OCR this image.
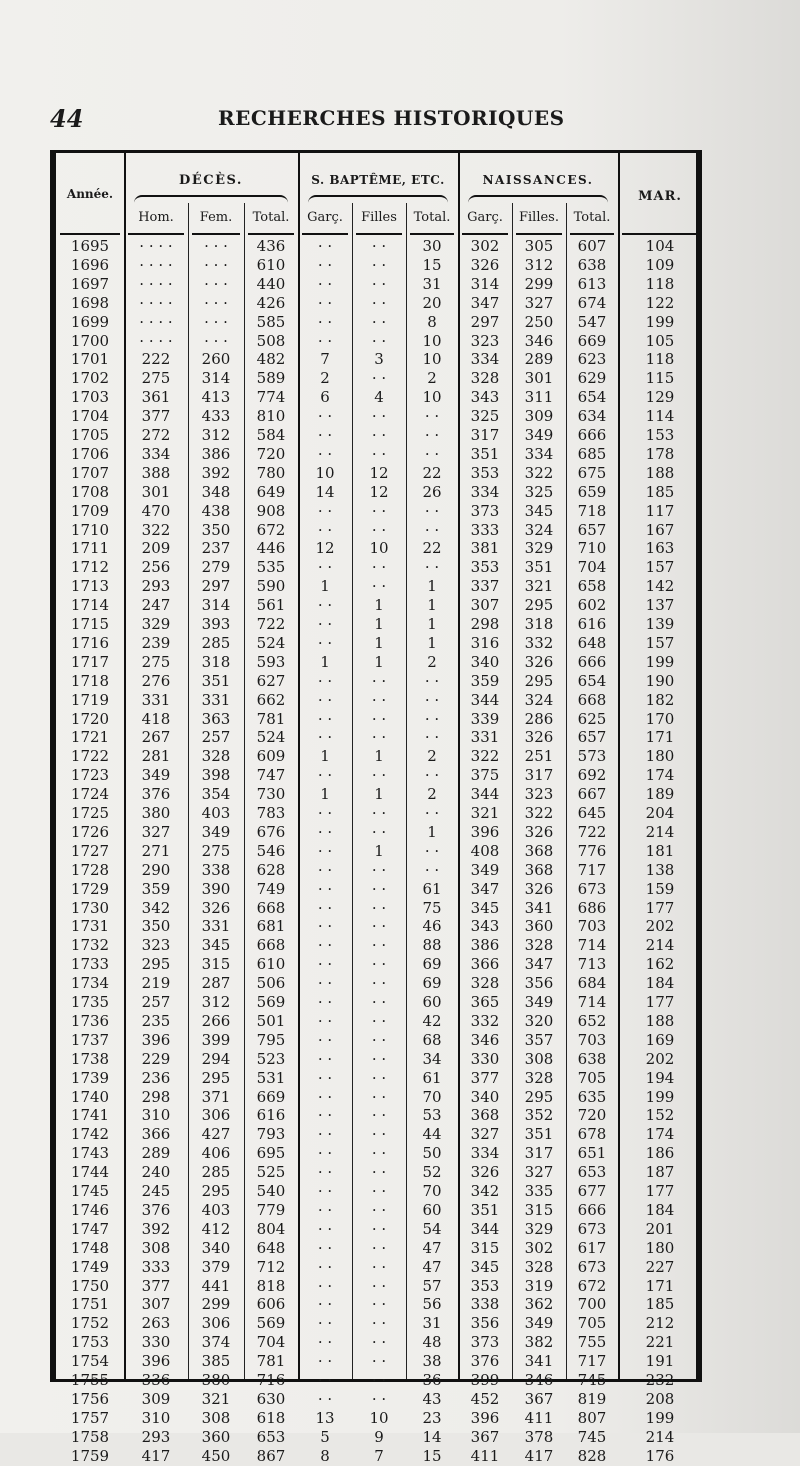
44	RECHERCHES HISTORIQUES
Année.
DÉCÈS.	S. BAPTÊME, ETC.	NAISSANCES.
MAR.
Hom.	Fem.	Total.	Garç.	Filles	Total.	Garç.	Filles.	Total.
1695	· · · ·	· · ·	436	· ·	· ·	30	302	305	607	104
1696	· · · ·	· · ·	610	· ·	· ·	15	326	312	638	109
1697	· · · ·	· · ·	440	· ·	· ·	31	314	299	613	118
1698	· · · ·	· · ·	426	· ·	· ·	20	347	327	674	122
1699	· · · ·	· · ·	585	· ·	· ·	8	297	250	547	199
1700	· · · ·	· · ·	508	· ·	· ·	10	323	346	669	105
1701	222	260	482	7	3	10	334	289	623	118
1702	275	314	589	2	· ·	2	328	301	629	115
1703	361	413	774	6	4	10	343	311	654	129
1704	377	433	810	· ·	· ·	· ·	325	309	634	114
1705	272	312	584	· ·	· ·	· ·	317	349	666	153
1706	334	386	720	· ·	· ·	· ·	351	334	685	178
1707	388	392	780	10	12	22	353	322	675	188
1708	301	348	649	14	12	26	334	325	659	185
1709	470	438	908	· ·	· ·	· ·	373	345	718	117
1710	322	350	672	· ·	· ·	· ·	333	324	657	167
1711	209	237	446	12	10	22	381	329	710	163
1712	256	279	535	· ·	· ·	· ·	353	351	704	157
1713	293	297	590	1	· ·	1	337	321	658	142
1714	247	314	561	· ·	1	1	307	295	602	137
1715	329	393	722	· ·	1	1	298	318	616	139
1716	239	285	524	· ·	1	1	316	332	648	157
1717	275	318	593	1	1	2	340	326	666	199
1718	276	351	627	· ·	· ·	· ·	359	295	654	190
1719	331	331	662	· ·	· ·	· ·	344	324	668	182
1720	418	363	781	· ·	· ·	· ·	339	286	625	170
1721	267	257	524	· ·	· ·	· ·	331	326	657	171
1722	281	328	609	1	1	2	322	251	573	180
1723	349	398	747	· ·	· ·	· ·	375	317	692	174
1724	376	354	730	1	1	2	344	323	667	189
1725	380	403	783	· ·	· ·	· ·	321	322	645	204
1726	327	349	676	· ·	· ·	1	396	326	722	214
1727	271	275	546	· ·	1	· ·	408	368	776	181
1728	290	338	628	· ·	· ·	· ·	349	368	717	138
1729	359	390	749	· ·	· ·	61	347	326	673	159
1730	342	326	668	· ·	· ·	75	345	341	686	177
1731	350	331	681	· ·	· ·	46	343	360	703	202
1732	323	345	668	· ·	· ·	88	386	328	714	214
1733	295	315	610	· ·	· ·	69	366	347	713	162
1734	219	287	506	· ·	· ·	69	328	356	684	184
1735	257	312	569	· ·	· ·	60	365	349	714	177
1736	235	266	501	· ·	· ·	42	332	320	652	188
1737	396	399	795	· ·	· ·	68	346	357	703	169
1738	229	294	523	· ·	· ·	34	330	308	638	202
1739	236	295	531	· ·	· ·	61	377	328	705	194
1740	298	371	669	· ·	· ·	70	340	295	635	199
1741	310	306	616	· ·	· ·	53	368	352	720	152
1742	366	427	793	· ·	· ·	44	327	351	678	174
1743	289	406	695	· ·	· ·	50	334	317	651	186
1744	240	285	525	· ·	· ·	52	326	327	653	187
1745	245	295	540	· ·	· ·	70	342	335	677	177
1746	376	403	779	· ·	· ·	60	351	315	666	184
1747	392	412	804	· ·	· ·	54	344	329	673	201
1748	308	340	648	· ·	· ·	47	315	302	617	180
1749	333	379	712	· ·	· ·	47	345	328	673	227
1750	377	441	818	· ·	· ·	57	353	319	672	171
1751	307	299	606	· ·	· ·	56	338	362	700	185
1752	263	306	569	· ·	· ·	31	356	349	705	212
1753	330	374	704	· ·	· ·	48	373	382	755	221
1754	396	385	781	· ·	· ·	38	376	341	717	191
1755	336	380	716	· ·	· ·	36	399	346	745	232
1756	309	321	630	· ·	· ·	43	452	367	819	208
1757	310	308	618	13	10	23	396	411	807	199
1758	293	360	653	5	9	14	367	378	745	214
1759	417	450	867	8	7	15	411	417	828	176
